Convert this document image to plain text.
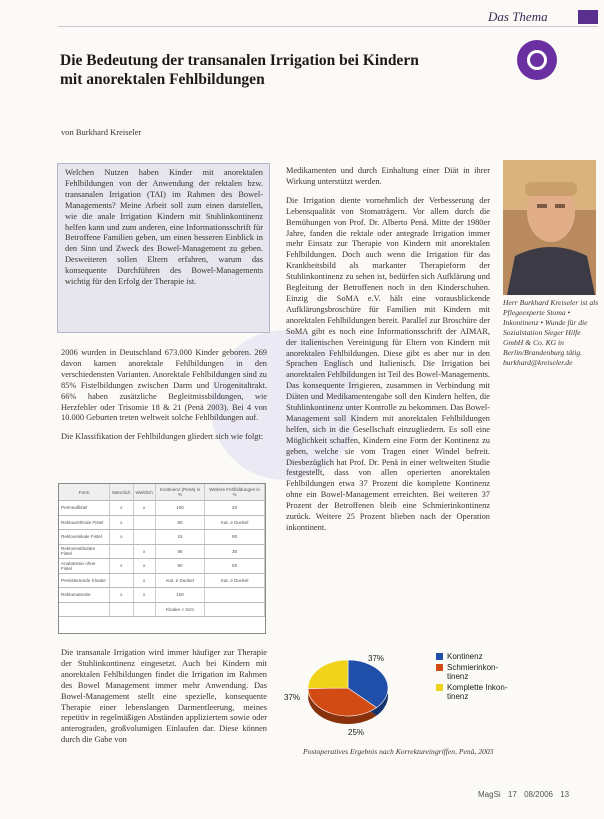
Das Thema
Die Bedeutung der transanalen Irrigation bei Kindern mit anorektalen Fehlbildungen
von Burkhard Kreiseler
Welchen Nutzen haben Kinder mit anorektalen Fehlbildungen von der Anwendung der rektalen bzw. transanalen Irrigation (TAI) im Rahmen des Bowel-Managements? Meine Arbeit soll zum einen darstellen, wie die anale Irrigation Kindern mit Stuhlinkontinenz helfen kann und zum anderen, eine Informationsschrift für Betroffene Familien geben, um einen besseren Einblick in den Sinn und Zweck des Bowel-Management zu geben. Desweiteren sollen Eltern erfahren, warum das konsequente Durchführen des Bowel-Managements wichtig für den Erfolg der Therapie ist.

2006 wurden in Deutschland 673.000 Kinder geboren. 269 davon kamen anorektale Fehlbildungen in den verschiedensten Varianten. Anorektale Fehlbildungen sind zu 85% Fistelbildungen zwischen Darm und Urogenitaltrakt. 66% haben zusätzliche Begleitmissbildungen, wie Herzfehler oder Trisomie 18 & 21 (Penä 2003). Bei 4 von 10.000 Geburten treten weltweit solche Fehlbildungen auf.

Die Klassifikation der Fehlbildungen gliedert sich wie folgt:

Form	Männlich	Weiblich	Kontinenz (Penä) in %	Weitere Fehlbildungen in %
Perinealfistel	x	x	100	20
Rektourethrale Fistel	x		80	Kat. e Dunkel
Rektovesikale Fistel	x		15	90
Rektovestibuläre Fistel		x	95	30
Analatresie ohne Fistel	x	x	90	50
Persistierende Kloake		x	Kat. e Dunkel	Kat. e Dunkel
Rektumatresie	x	x	100	
			Kloake < 3cm	

Die transanale Irrigation wird immer häufiger zur Therapie der Stuhlinkontinenz eingesetzt. Auch bei Kindern mit anorektalen Fehlbildungen findet die Irrigation im Rahmen des Bowel Management immer mehr Anwendung. Das Bowel-Management stellt eine spezielle, konsequente Therapie einer lebenslangen Darmentleerung, meines repetitiv in regelmäßigen Abständen appliziertem sowie oder anterograden, großvolumigen Einlaufen dar. Diese können durch die Gabe von

Medikamenten und durch Einhaltung einer Diät in ihrer Wirkung unterstützt werden.

Die Irrigation diente vornehmlich der Verbesserung der Lebensqualität von Stomaträgern. Vor allem durch die Bemühungen von Prof. Dr. Alberto Penä. Mitte der 1980er Jahre, fanden die rektale oder antegrade Irrigation immer mehr Einsatz zur Therapie von Kindern mit anorektalen Fehlbildungen. Doch auch wenn die Irrigation für das Krankheitsbild als markanter Therapieform der Stuhlinkontinenz zu sehen ist, bedürfen sich Aufklärung und Begleitung der Betroffenen noch in den Kinderschuhen. Einzig die SoMA e.V. hält eine vorausblickende Aufklärungsbroschüre für Familien mit Kindern mit anorektalen Fehlbildungen bereit. Parallel zur Broschüre der SoMA gibt es noch eine Informationsschrift der AIMAR, der italienischen Vereinigung für Eltern von Kindern mit anorektalen Fehlbildungen. Diese gibt es aber nur in den Sprachen Englisch und Italienisch. Die Irrigation bei anorektalen Fehlbildungen ist Teil des Bowel-Managements. Das konsequente Irrigieren, zusammen in Verbindung mit Diäten und Medikamentengabe soll den Kindern helfen, die Stuhlinkontinenz unter Kontrolle zu bekommen. Das Bowel-Management soll Kindern mit anorektalen Fehlbildungen helfen, sich in die Gesellschaft einzugliedern. Es soll eine Möglichkeit schaffen, Kindern eine Form der Kontinenz zu geben, welche sie vom Tragen einer Windel befreit. Diesbezüglich hat Prof. Dr. Penä in einer weltweiten Studie festgestellt, dass von allen operierten anorektalen Fehlbildungen etwa 37 Prozent die komplette Kontinenz ohne ein Bowel-Management erreichten. Bei weiteren 37 Prozent der Betroffenen bleib eine Schmierinkontinenz zurück. Weitere 25 Prozent blieben nach der Operation inkontinent.

Herr Burkhard Kreiseler ist als Pflegeexperte Stoma • Inkontinenz • Wunde für die Sozialstation Sieger Hilfe GmbH & Co. KG in Berlin/Brandenburg tätig. burkhard@kreiseler.de
37%
37%
25%
Kontinenz
Schmierinkon-
tinenz
Komplette Inkon-
tinenz
Postoperatives Ergebnis nach Korrektureingriffen, Penä, 2003
MagSi 17 08/2006 13
